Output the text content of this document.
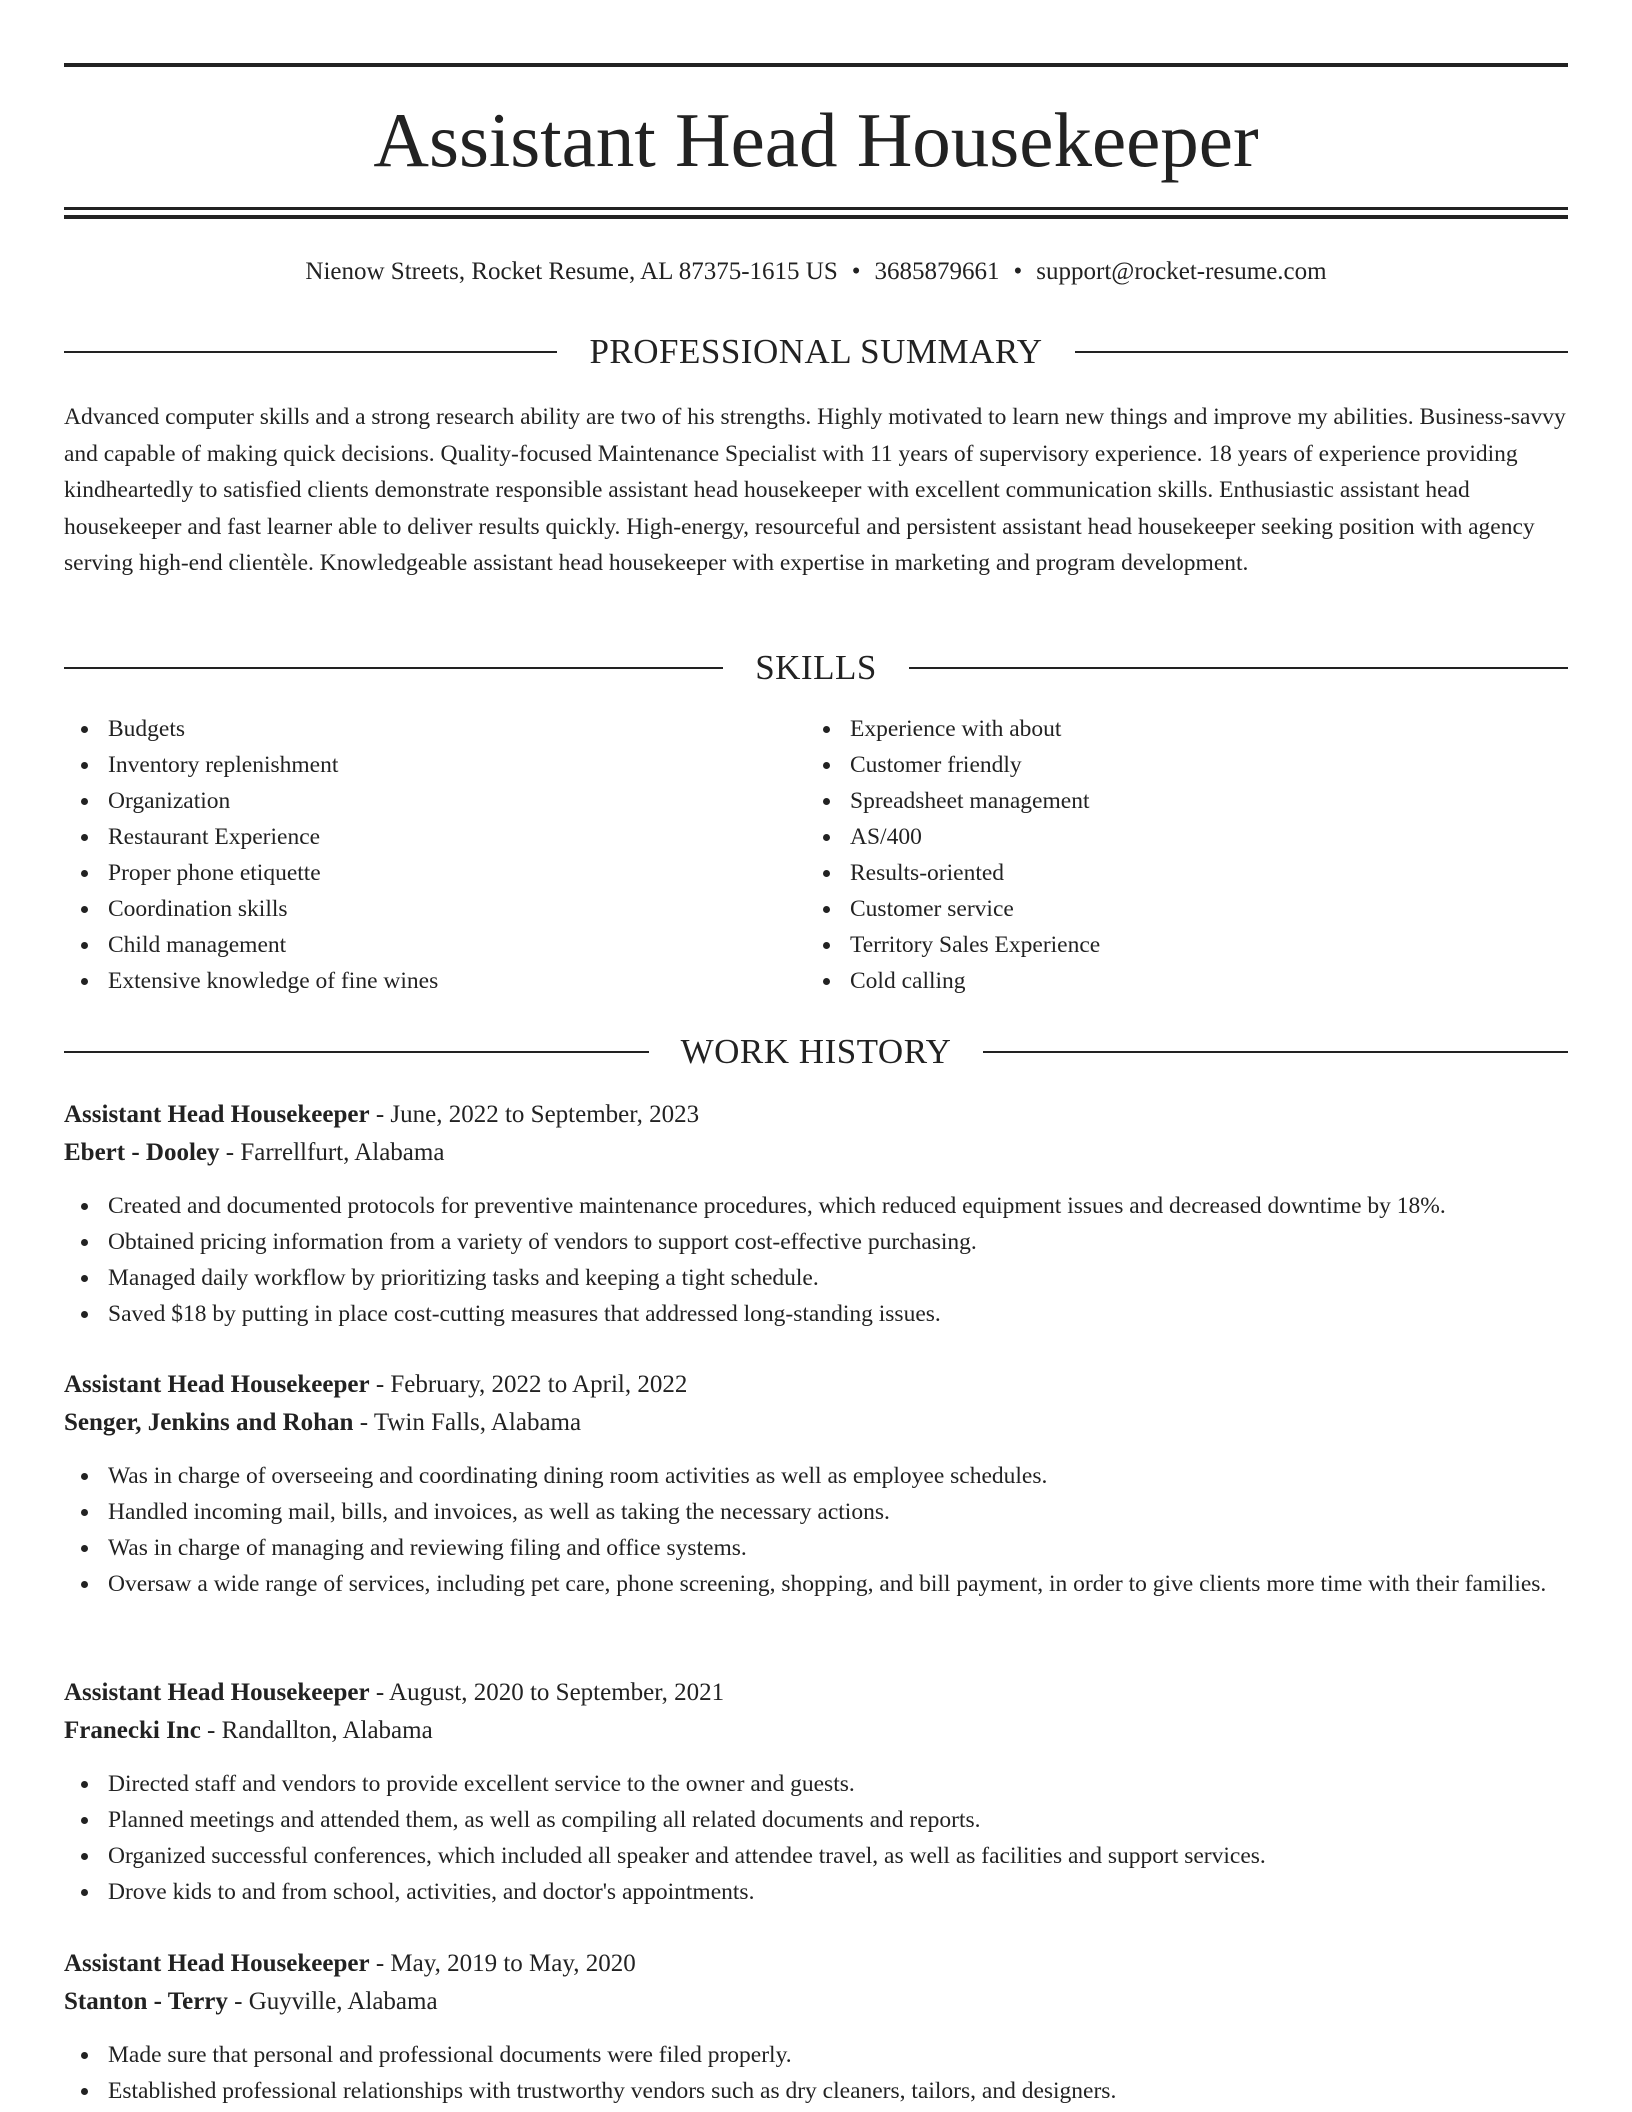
Assistant Head Housekeeper
Nienow Streets, Rocket Resume, AL 87375-1615 US • 3685879661 • support@rocket-resume.com
PROFESSIONAL SUMMARY

Advanced computer skills and a strong research ability are two of his strengths. Highly motivated to learn new things and improve my abilities. Business-savvy and capable of making quick decisions. Quality-focused Maintenance Specialist with 11 years of supervisory experience. 18 years of experience providing kindheartedly to satisfied clients demonstrate responsible assistant head housekeeper with excellent communication skills. Enthusiastic assistant head housekeeper and fast learner able to deliver results quickly. High-energy, resourceful and persistent assistant head housekeeper seeking position with agency serving high-end clientèle. Knowledgeable assistant head housekeeper with expertise in marketing and program development.

SKILLS
Budgets
Inventory replenishment
Organization
Restaurant Experience
Proper phone etiquette
Coordination skills
Child management
Extensive knowledge of fine wines
Experience with about
Customer friendly
Spreadsheet management
AS/400
Results-oriented
Customer service
Territory Sales Experience
Cold calling
WORK HISTORY
Assistant Head Housekeeper - June, 2022 to September, 2023
Ebert - Dooley - Farrellfurt, Alabama
Created and documented protocols for preventive maintenance procedures, which reduced equipment issues and decreased downtime by 18%.
Obtained pricing information from a variety of vendors to support cost-effective purchasing.
Managed daily workflow by prioritizing tasks and keeping a tight schedule.
Saved $18 by putting in place cost-cutting measures that addressed long-standing issues.
Assistant Head Housekeeper - February, 2022 to April, 2022
Senger, Jenkins and Rohan - Twin Falls, Alabama
Was in charge of overseeing and coordinating dining room activities as well as employee schedules.
Handled incoming mail, bills, and invoices, as well as taking the necessary actions.
Was in charge of managing and reviewing filing and office systems.
Oversaw a wide range of services, including pet care, phone screening, shopping, and bill payment, in order to give clients more time with their families.
Assistant Head Housekeeper - August, 2020 to September, 2021
Franecki Inc - Randallton, Alabama
Directed staff and vendors to provide excellent service to the owner and guests.
Planned meetings and attended them, as well as compiling all related documents and reports.
Organized successful conferences, which included all speaker and attendee travel, as well as facilities and support services.
Drove kids to and from school, activities, and doctor's appointments.
Assistant Head Housekeeper - May, 2019 to May, 2020
Stanton - Terry - Guyville, Alabama
Made sure that personal and professional documents were filed properly.
Established professional relationships with trustworthy vendors such as dry cleaners, tailors, and designers.
